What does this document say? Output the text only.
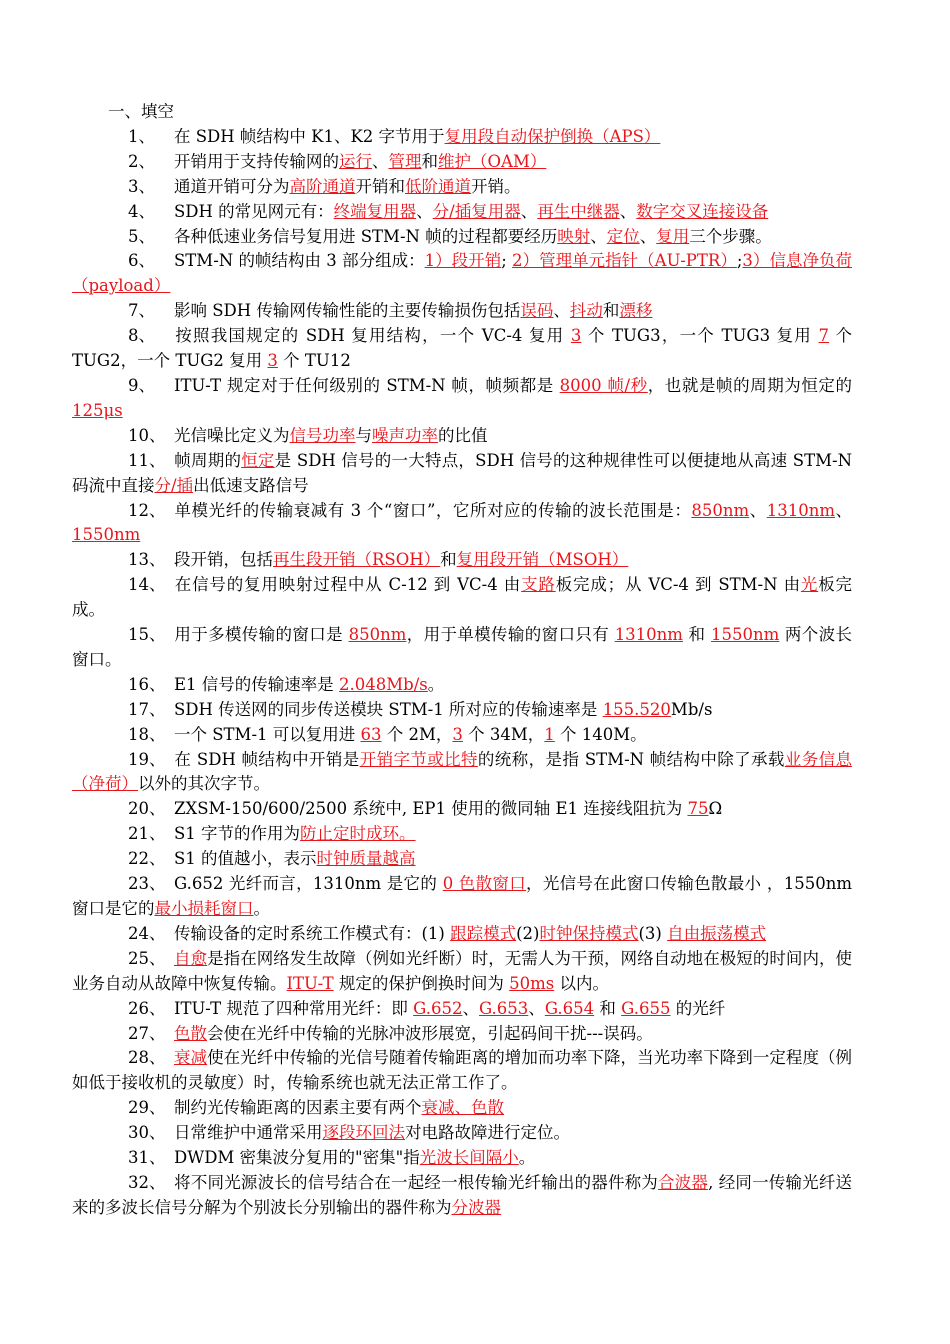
一、填空
1、 在 SDH 帧结构中 K1、K2 字节用于复用段自动保护倒换（APS）
2、 开销用于支持传输网的运行、管理和维护（OAM）
3、 通道开销可分为高阶通道开销和低阶通道开销。
4、 SDH 的常见网元有：终端复用器、分/插复用器、再生中继器、数字交叉连接设备
5、 各种低速业务信号复用进 STM-N 帧的过程都要经历映射、定位、复用三个步骤。
6、 STM-N 的帧结构由 3 部分组成：1）段开销; 2）管理单元指针（AU-PTR）;3）信息净负荷（payload）
7、 影响 SDH 传输网传输性能的主要传输损伤包括误码、抖动和漂移
8、 按照我国规定的 SDH 复用结构，一个 VC-4 复用 3 个 TUG3，一个 TUG3 复用 7 个 TUG2，一个 TUG2 复用 3 个 TU12
9、 ITU-T 规定对于任何级别的 STM-N 帧，帧频都是 8000 帧/秒，也就是帧的周期为恒定的 125μs
10、 光信噪比定义为信号功率与噪声功率的比值
11、 帧周期的恒定是 SDH 信号的一大特点，SDH 信号的这种规律性可以便捷地从高速 STM-N 码流中直接分/插出低速支路信号
12、 单模光纤的传输衰减有 3 个“窗口”，它所对应的传输的波长范围是：850nm、1310nm、1550nm
13、 段开销，包括再生段开销（RSOH）和复用段开销（MSOH）
14、 在信号的复用映射过程中从 C-12 到 VC-4 由支路板完成；从 VC-4 到 STM-N 由光板完成。
15、 用于多模传输的窗口是 850nm，用于单模传输的窗口只有 1310nm 和 1550nm 两个波长窗口。
16、 E1 信号的传输速率是 2.048Mb/s。
17、 SDH 传送网的同步传送模块 STM-1 所对应的传输速率是 155.520Mb/s
18、 一个 STM-1 可以复用进 63 个 2M，3 个 34M，1 个 140M。
19、 在 SDH 帧结构中开销是开销字节或比特的统称，是指 STM-N 帧结构中除了承载业务信息（净荷）以外的其次字节。
20、 ZXSM-150/600/2500 系统中, EP1 使用的微同轴 E1 连接线阻抗为 75Ω
21、 S1 字节的作用为防止定时成环。
22、 S1 的值越小，表示时钟质量越高
23、 G.652 光纤而言，1310nm 是它的 0 色散窗口，光信号在此窗口传输色散最小 ，1550nm 窗口是它的最小损耗窗口。
24、 传输设备的定时系统工作模式有：(1) 跟踪模式(2)时钟保持模式(3) 自由振荡模式
25、 自愈是指在网络发生故障（例如光纤断）时，无需人为干预，网络自动地在极短的时间内，使业务自动从故障中恢复传输。ITU-T 规定的保护倒换时间为 50ms 以内。
26、 ITU-T 规范了四种常用光纤：即 G.652、G.653、G.654 和 G.655 的光纤
27、 色散会使在光纤中传输的光脉冲波形展宽，引起码间干扰---误码。
28、 衰减使在光纤中传输的光信号随着传输距离的增加而功率下降，当光功率下降到一定程度（例如低于接收机的灵敏度）时，传输系统也就无法正常工作了。
29、 制约光传输距离的因素主要有两个衰减、色散
30、 日常维护中通常采用逐段环回法对电路故障进行定位。
31、 DWDM 密集波分复用的"密集"指光波长间隔小。
32、 将不同光源波长的信号结合在一起经一根传输光纤输出的器件称为合波器, 经同一传输光纤送来的多波长信号分解为个别波长分别输出的器件称为分波器
